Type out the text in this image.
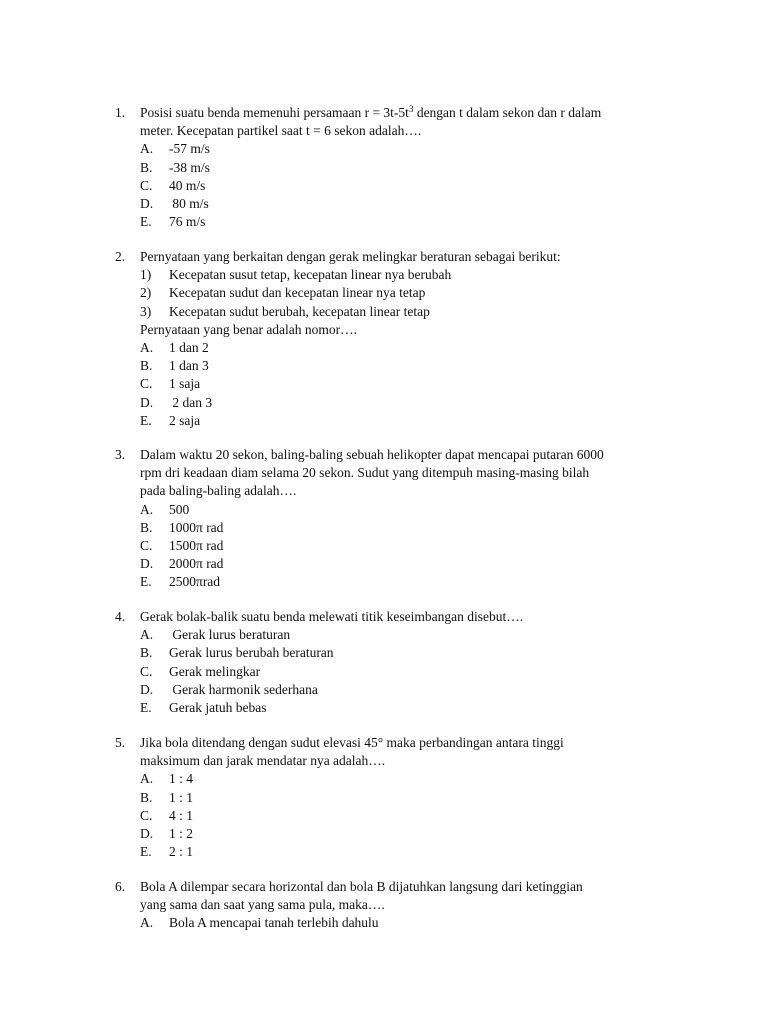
1. Posisi suatu benda memenuhi persamaan $r = 3t-5t^3$ dengan t dalam sekon dan r dalam
meter. Kecepatan partikel saat t = 6 sekon adalah….
A. -57 m/s
B. -38 m/s
C. 40 m/s
D. 80 m/s
E. 76 m/s
2. Pernyataan yang berkaitan dengan gerak melingkar beraturan sebagai berikut:
1) Kecepatan susut tetap, kecepatan linear nya berubah
2) Kecepatan sudut dan kecepatan linear nya tetap
3) Kecepatan sudut berubah, kecepatan linear tetap
Pernyataan yang benar adalah nomor….
A. 1 dan 2
B. 1 dan 3
C. 1 saja
D. 2 dan 3
E. 2 saja
3. Dalam waktu 20 sekon, baling-baling sebuah helikopter dapat mencapai putaran 6000
rpm dri keadaan diam selama 20 sekon. Sudut yang ditempuh masing-masing bilah
pada baling-baling adalah….
A. 500
B. 1000π rad
C. 1500π rad
D. 2000π rad
E. 2500πrad
4. Gerak bolak-balik suatu benda melewati titik keseimbangan disebut….
A. Gerak lurus beraturan
B. Gerak lurus berubah beraturan
C. Gerak melingkar
D. Gerak harmonik sederhana
E. Gerak jatuh bebas
5. Jika bola ditendang dengan sudut elevasi 45° maka perbandingan antara tinggi
maksimum dan jarak mendatar nya adalah….
A. 1 : 4
B. 1 : 1
C. 4 : 1
D. 1 : 2
E. 2 : 1
6. Bola A dilempar secara horizontal dan bola B dijatuhkan langsung dari ketinggian
yang sama dan saat yang sama pula, maka….
A. Bola A mencapai tanah terlebih dahulu
